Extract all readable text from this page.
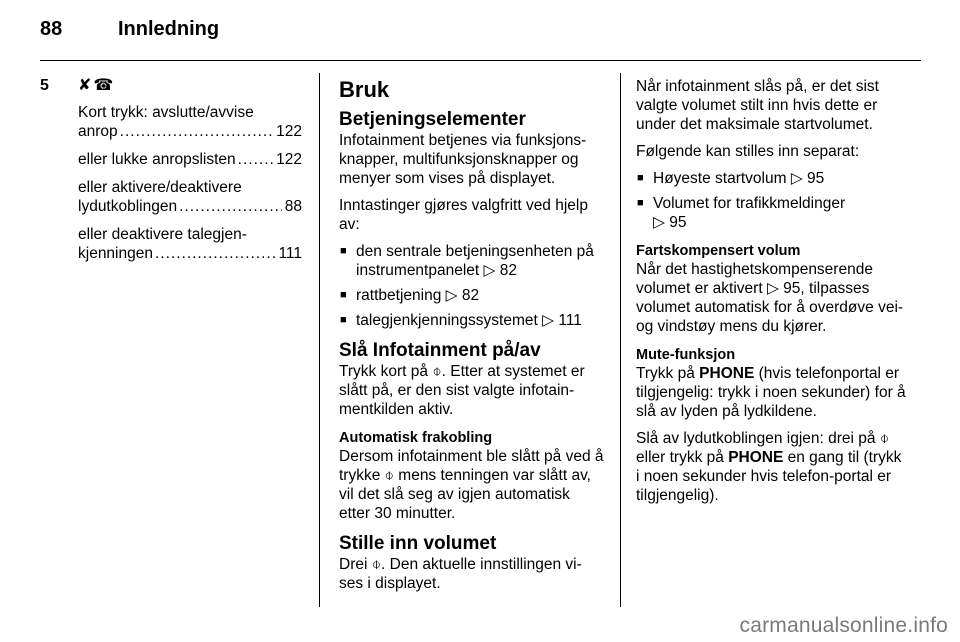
88	Innledning
5 ✘☎
Kort trykk: avslutte/avvise
anrop .....	122
eller lukke anropslisten .....	122
eller aktivere/deaktivere
lydutkoblingen .....	88
eller deaktivere talegjen-
kjenningen .....	111
Bruk
Betjeningselementer

Infotainment betjenes via funksjons-knapper, multifunksjonsknapper og menyer som vises på displayet.

Inntastinger gjøres valgfritt ved hjelp av:

■ den sentrale betjeningsenheten på instrumentpanelet ▷ 82
■ rattbetjening ▷ 82
■ talegjenkjenningssystemet ▷ 111
Slå Infotainment på/av

Trykk kort på ⌽. Etter at systemet er slått på, er den sist valgte infotain-mentkilden aktiv.

Automatisk frakobling

Dersom infotainment ble slått på ved å trykke ⌽ mens tenningen var slått av, vil det slå seg av igjen automatisk etter 30 minutter.

Stille inn volumet

Drei ⌽. Den aktuelle innstillingen vi-ses i displayet.

Når infotainment slås på, er det sist valgte volumet stilt inn hvis dette er under det maksimale startvolumet.

Følgende kan stilles inn separat:

■ Høyeste startvolum ▷ 95
■ Volumet for trafikkmeldinger
▷ 95
Fartskompensert volum

Når det hastighetskompenserende volumet er aktivert ▷ 95, tilpasses volumet automatisk for å overdøve vei- og vindstøy mens du kjører.

Mute-funksjon

Trykk på PHONE (hvis telefonportal er tilgjengelig: trykk i noen sekunder) for å slå av lyden på lydkildene.

Slå av lydutkoblingen igjen: drei på ⌽ eller trykk på PHONE en gang til (trykk i noen sekunder hvis telefon-portal er tilgjengelig).

carmanualsonline.info
